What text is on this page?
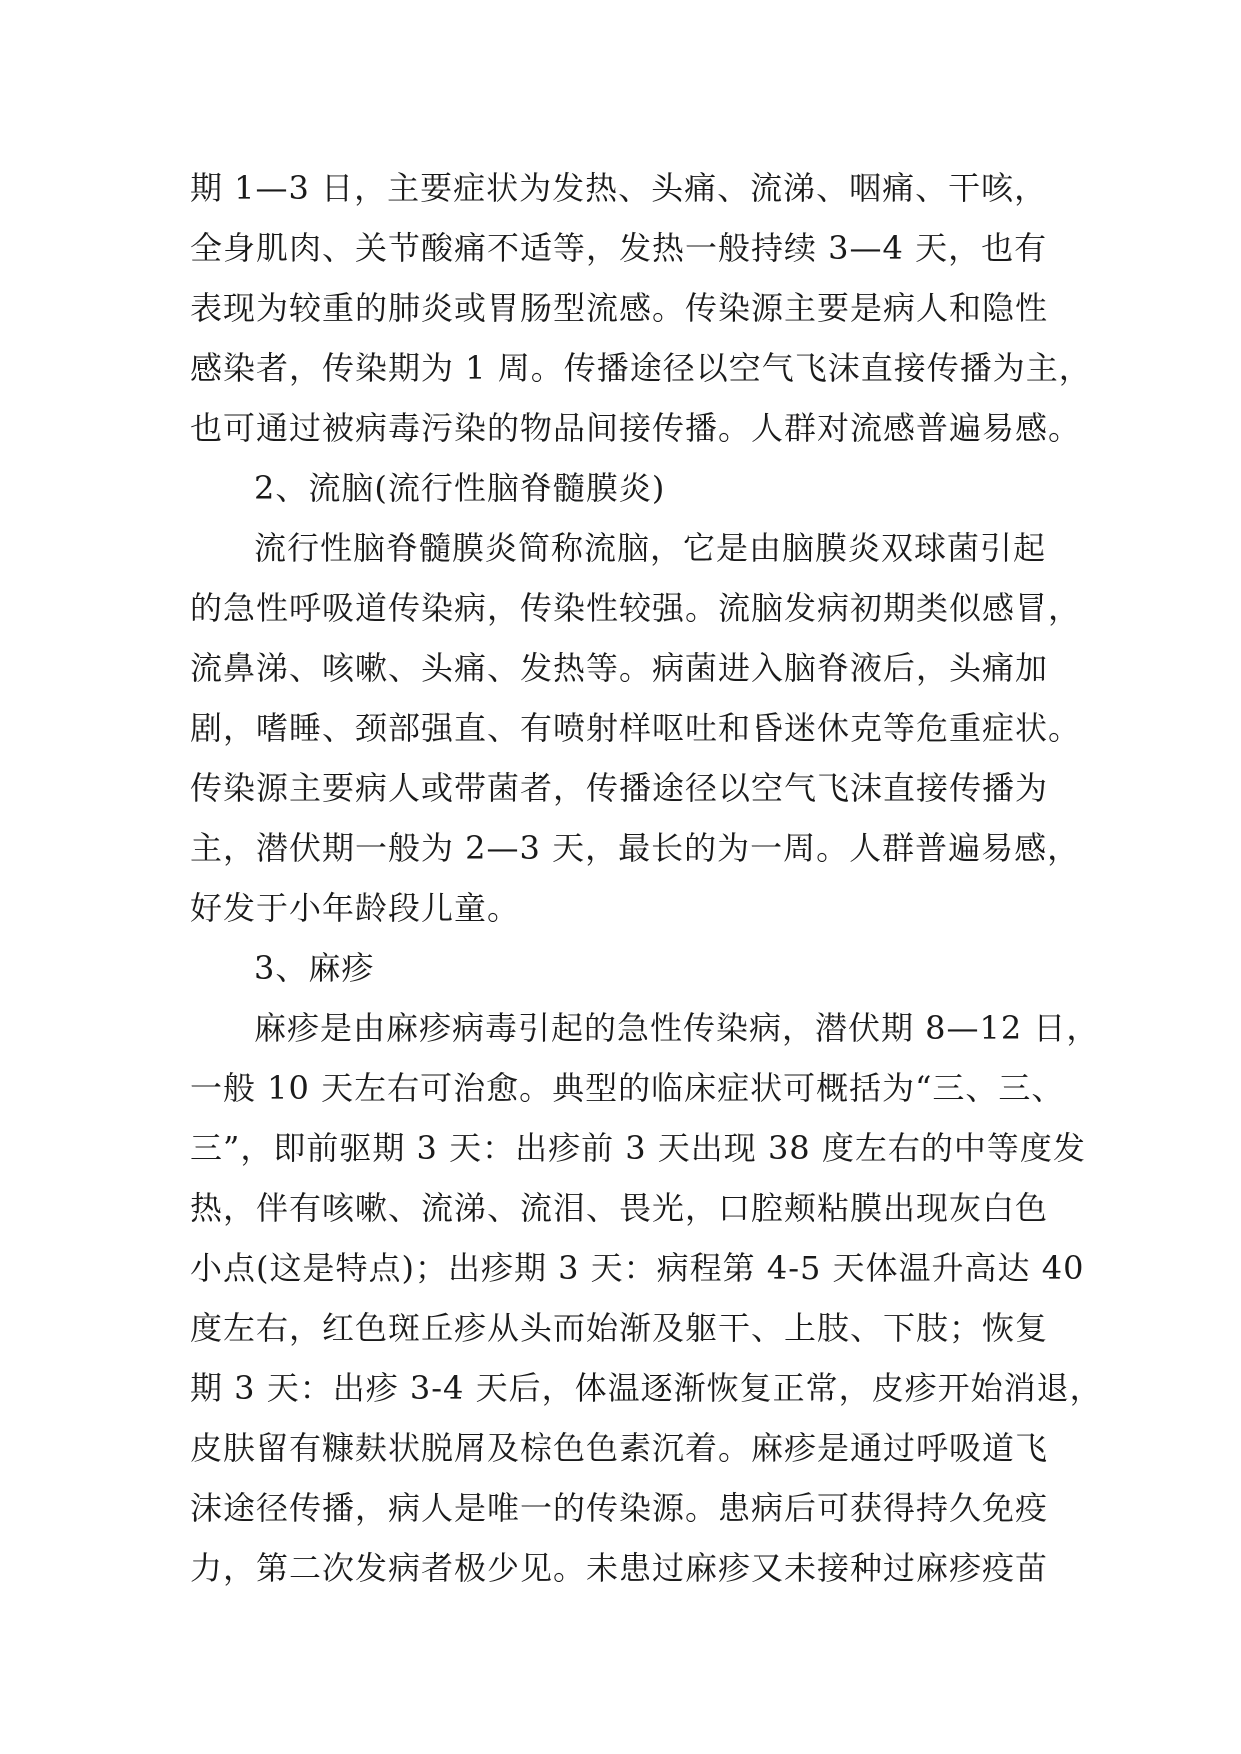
期 1—3 日，主要症状为发热、头痛、流涕、咽痛、干咳，
全身肌肉、关节酸痛不适等，发热一般持续 3—4 天，也有
表现为较重的肺炎或胃肠型流感。传染源主要是病人和隐性
感染者，传染期为 1 周。传播途径以空气飞沫直接传播为主，
也可通过被病毒污染的物品间接传播。人群对流感普遍易感。
2、流脑(流行性脑脊髓膜炎)
流行性脑脊髓膜炎简称流脑，它是由脑膜炎双球菌引起
的急性呼吸道传染病，传染性较强。流脑发病初期类似感冒，
流鼻涕、咳嗽、头痛、发热等。病菌进入脑脊液后，头痛加
剧，嗜睡、颈部强直、有喷射样呕吐和昏迷休克等危重症状。
传染源主要病人或带菌者，传播途径以空气飞沫直接传播为
主，潜伏期一般为 2—3 天，最长的为一周。人群普遍易感，
好发于小年龄段儿童。
3、麻疹
麻疹是由麻疹病毒引起的急性传染病，潜伏期 8—12 日，
一般 10 天左右可治愈。典型的临床症状可概括为“三、三、
三”，即前驱期 3 天：出疹前 3 天出现 38 度左右的中等度发
热，伴有咳嗽、流涕、流泪、畏光，口腔颊粘膜出现灰白色
小点(这是特点)；出疹期 3 天：病程第 4-5 天体温升高达 40
度左右，红色斑丘疹从头而始渐及躯干、上肢、下肢；恢复
期 3 天：出疹 3-4 天后，体温逐渐恢复正常，皮疹开始消退，
皮肤留有糠麸状脱屑及棕色色素沉着。麻疹是通过呼吸道飞
沫途径传播，病人是唯一的传染源。患病后可获得持久免疫
力，第二次发病者极少见。未患过麻疹又未接种过麻疹疫苗
